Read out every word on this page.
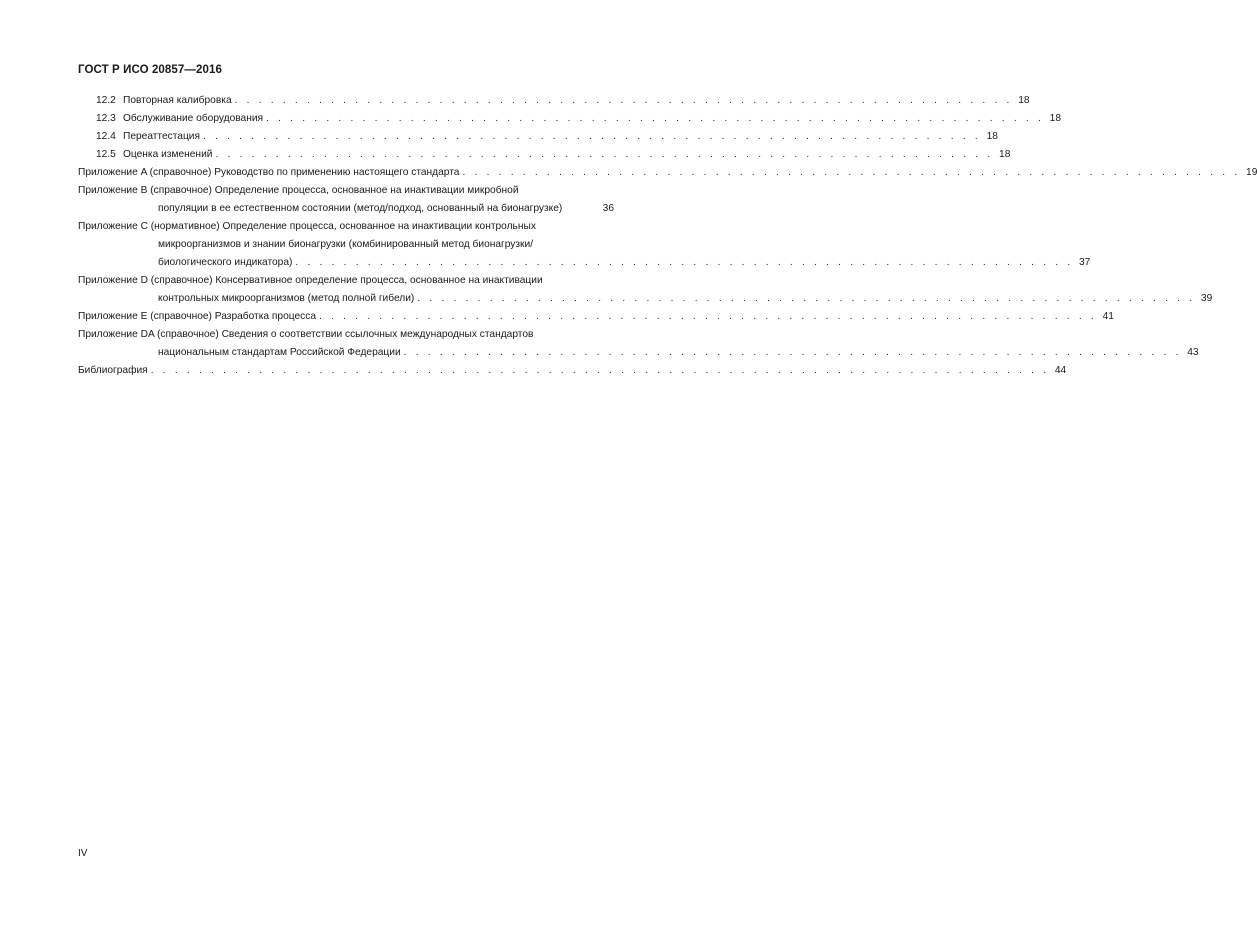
ГОСТ Р ИСО 20857—2016
12.2 Повторная калибровка . . . . . . . . . . . . . . . . . . . . . . . . . . . . . . . . . . . . . . . . . . . . . . . . . . . . . . . . . . . . . . . . . 18
12.3 Обслуживание оборудования . . . . . . . . . . . . . . . . . . . . . . . . . . . . . . . . . . . . . . . . . . . . . . . . . . . . . . . . . . . . . . . . . 18
12.4 Переаттестация . . . . . . . . . . . . . . . . . . . . . . . . . . . . . . . . . . . . . . . . . . . . . . . . . . . . . . . . . . . . . . . . . 18
12.5 Оценка изменений . . . . . . . . . . . . . . . . . . . . . . . . . . . . . . . . . . . . . . . . . . . . . . . . . . . . . . . . . . . . . . . . . 18
Приложение A (справочное) Руководство по применению настоящего стандарта . . . . . . . . . . . . . . . . . . . . . . . . . . . . . . . . . . . . . . . . . . . . . . . . . . . . . . . . . . . . . . . . . 19
Приложение B (справочное) Определение процесса, основанное на инактивации микробной
популяции в ее естественном состоянии (метод/подход, основанный на бионагрузке)	36
Приложение C (нормативное) Определение процесса, основанное на инактивации контрольных
микроорганизмов и знании бионагрузки (комбинированный метод бионагрузки/
биологического индикатора) . . . . . . . . . . . . . . . . . . . . . . . . . . . . . . . . . . . . . . . . . . . . . . . . . . . . . . . . . . . . . . . . . 37
Приложение D (справочное) Консервативное определение процесса, основанное на инактивации
контрольных микроорганизмов (метод полной гибели) . . . . . . . . . . . . . . . . . . . . . . . . . . . . . . . . . . . . . . . . . . . . . . . . . . . . . . . . . . . . . . . . . 39
Приложение E (справочное) Разработка процесса . . . . . . . . . . . . . . . . . . . . . . . . . . . . . . . . . . . . . . . . . . . . . . . . . . . . . . . . . . . . . . . . . 41
Приложение DA (справочное) Сведения о соответствии ссылочных международных стандартов
национальным стандартам Российской Федерации . . . . . . . . . . . . . . . . . . . . . . . . . . . . . . . . . . . . . . . . . . . . . . . . . . . . . . . . . . . . . . . . . 43
Библиография . . . . . . . . . . . . . . . . . . . . . . . . . . . . . . . . . . . . . . . . . . . . . . . . . . . . . . . . . . . . . . . . . . . . . . . . . . . 44
IV
